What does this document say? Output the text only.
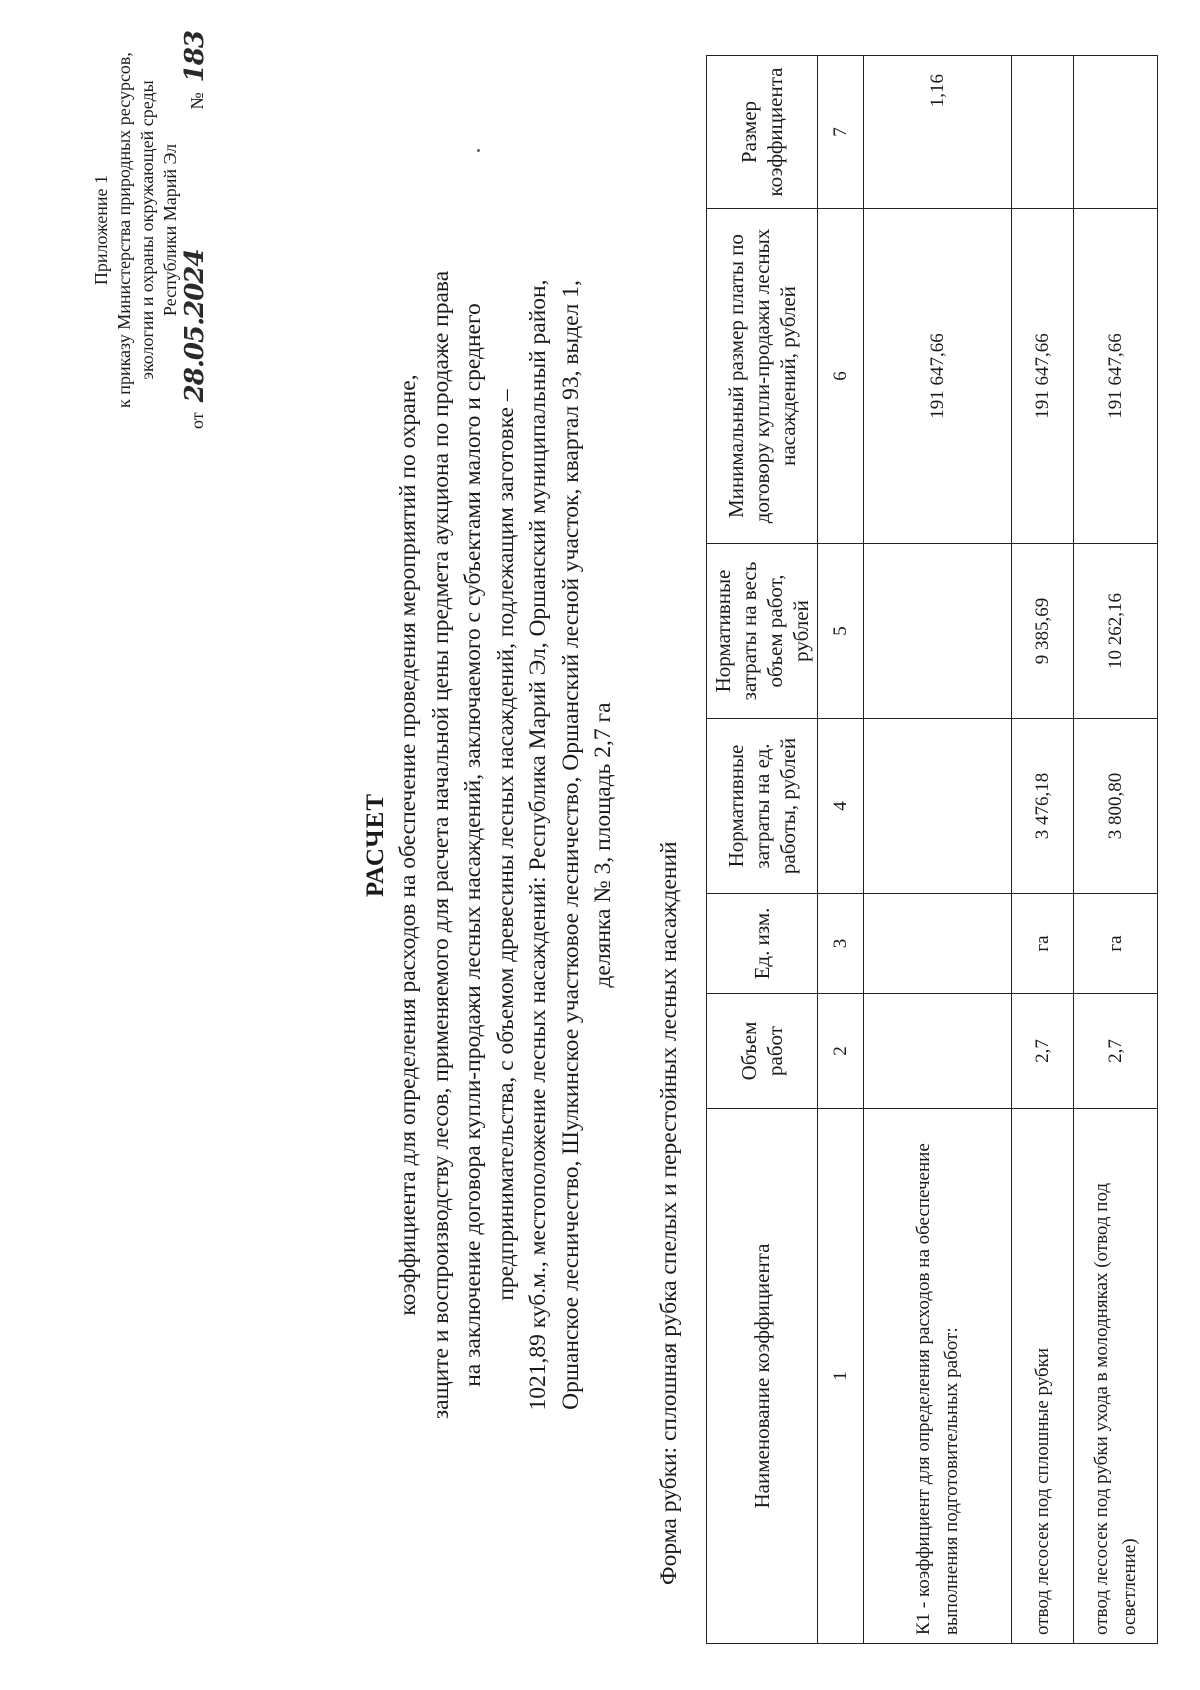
Приложение 1 к приказу Министерства природных ресурсов, экологии и охраны окружающей среды Республики Марий Эл
от
28.05.2024
№
183
РАСЧЕТ коэффициента для определения расходов на обеспечение проведения мероприятий по охране, защите и воспроизводству лесов, применяемого для расчета начальной цены предмета аукциона по продаже права на заключение договора купли-продажи лесных насаждений, заключаемого с субъектами малого и среднего предпринимательства, с объемом древесины лесных насаждений, подлежащим заготовке – 1021,89 куб.м., местоположение лесных насаждений: Республика Марий Эл, Оршанский муниципальный район, Оршанское лесничество, Шулкинское участковое лесничество, Оршанский лесной участок, квартал 93, выдел 1, делянка № 3, площадь 2,7 га Форма рубки: сплошная рубка спелых и перестойных лесных насаждений	Наименование коэффициента	Объем работ	Ед. изм.	Нормативные затраты на ед. работы, рублей	Нормативные затраты на весь объем работ, рублей	Минимальный размер платы по договору купли-продажи лесных насаждений, рублей	Размер коэффициента
1	2	3	4	5	6	7
К1 - коэффициент для определения расходов на обеспечение выполнения подготовительных работ:					191 647,66	1,16
отвод лесосек под сплошные рубки	2,7	га	3 476,18	9 385,69	191 647,66	
отвод лесосек под рубки ухода в молодняках (отвод под осветление)	2,7	га	3 800,80	10 262,16	191 647,66	
